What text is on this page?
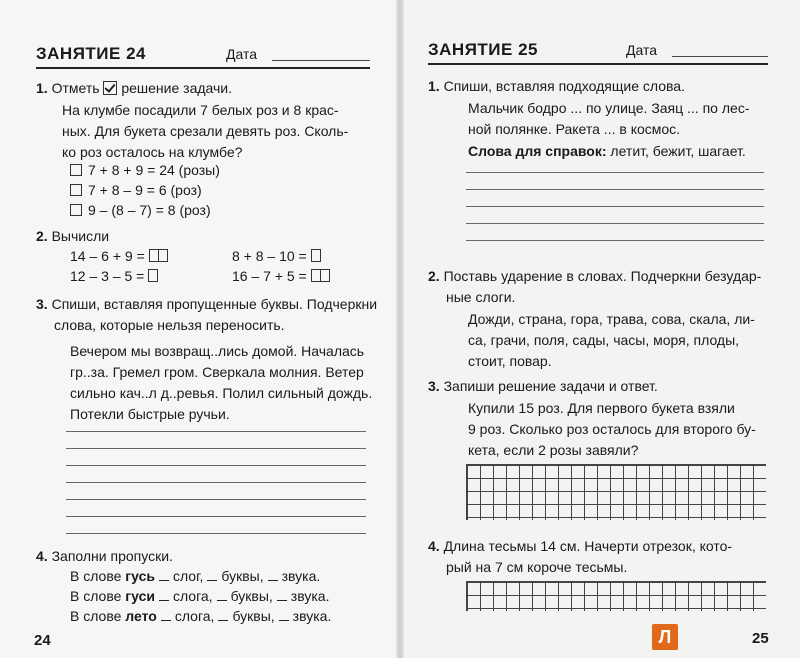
ЗАНЯТИЕ 24	Дата
1. Отметь решение задачи.
На клумбе посадили 7 белых роз и 8 крас-
ных. Для букета срезали девять роз. Сколь-
ко роз осталось на клумбе?
7 + 8 + 9 = 24 (розы)
7 + 8 – 9 = 6 (роз)
9 – (8 – 7) = 8 (роз)
2. Вычисли
14 – 6 + 9 =	8 + 8 – 10 =
12 – 3 – 5 =	16 – 7 + 5 =
3. Спиши, вставляя пропущенные буквы. Подчеркни
слова, которые нельзя переносить.
Вечером мы возвращ..лись домой. Началась
гр..за. Гремел гром. Сверкала молния. Ветер
сильно кач..л д..ревья. Полил сильный дождь.
Потекли быстрые ручьи.
4. Заполни пропуски.
В слове гусь слог, буквы, звука.
В слове гуси слога, буквы, звука.
В слове лето слога, буквы, звука.
24
ЗАНЯТИЕ 25	Дата
1. Спиши, вставляя подходящие слова.
Мальчик бодро ... по улице. Заяц ... по лес-
ной полянке. Ракета ... в космос.
Слова для справок: летит, бежит, шагает.
2. Поставь ударение в словах. Подчеркни безудар-
ные слоги.
Дожди, страна, гора, трава, сова, скала, ли-
са, грачи, поля, сады, часы, моря, плоды,
стоит, повар.
3. Запиши решение задачи и ответ.
Купили 15 роз. Для первого букета взяли
9 роз. Сколько роз осталось для второго бу-
кета, если 2 розы завяли?
4. Длина тесьмы 14 см. Начерти отрезок, кото-
рый на 7 см короче тесьмы.
Л	25
